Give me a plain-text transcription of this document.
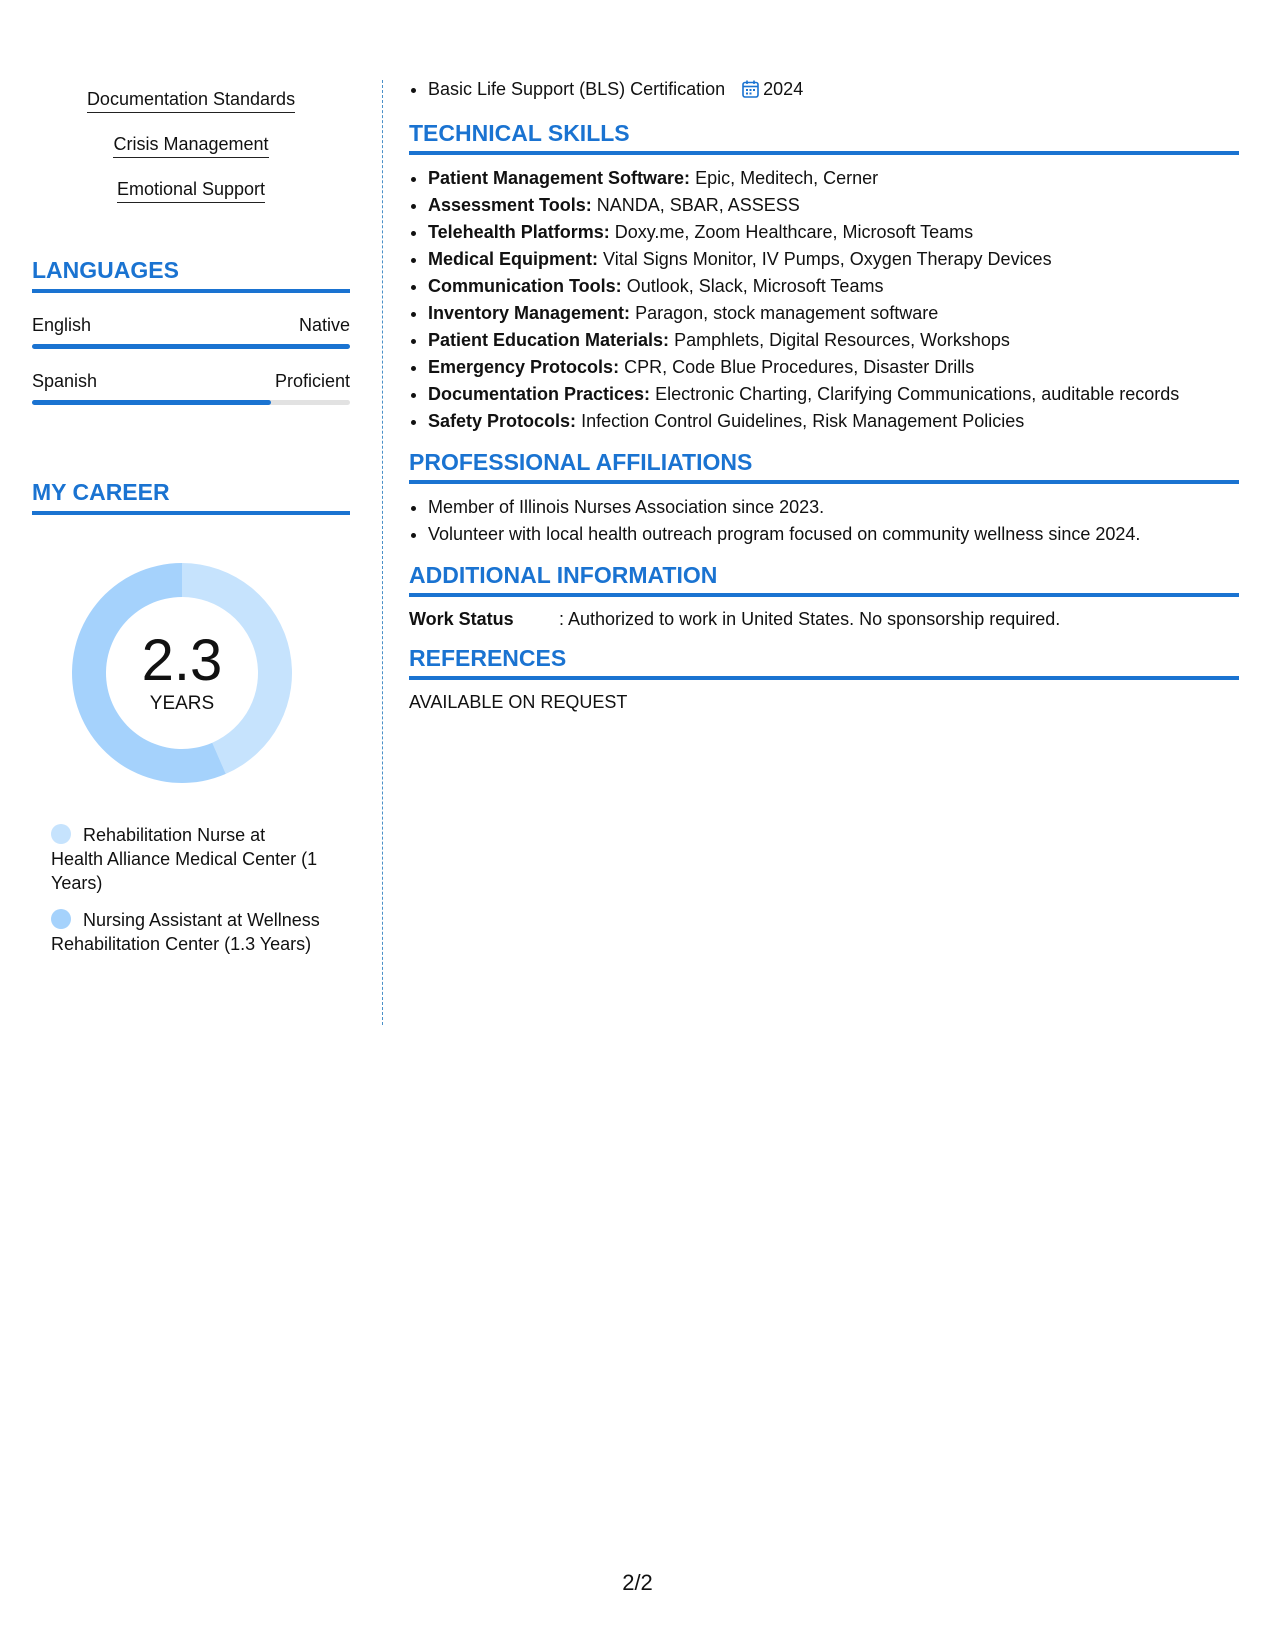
Documentation Standards
Crisis Management
Emotional Support
LANGUAGES
English	Native
Spanish	Proficient
MY CAREER
2.3
YEARS
Rehabilitation Nurse at Health Alliance Medical Center (1 Years)
Nursing Assistant at Wellness Rehabilitation Center (1.3 Years)
• Basic Life Support (BLS) Certification 2024
TECHNICAL SKILLS
• Patient Management Software: Epic, Meditech, Cerner
• Assessment Tools: NANDA, SBAR, ASSESS
• Telehealth Platforms: Doxy.me, Zoom Healthcare, Microsoft Teams
• Medical Equipment: Vital Signs Monitor, IV Pumps, Oxygen Therapy Devices
• Communication Tools: Outlook, Slack, Microsoft Teams
• Inventory Management: Paragon, stock management software
• Patient Education Materials: Pamphlets, Digital Resources, Workshops
• Emergency Protocols: CPR, Code Blue Procedures, Disaster Drills
• Documentation Practices: Electronic Charting, Clarifying Communications, auditable records
• Safety Protocols: Infection Control Guidelines, Risk Management Policies
PROFESSIONAL AFFILIATIONS
• Member of Illinois Nurses Association since 2023.
• Volunteer with local health outreach program focused on community wellness since 2024.
ADDITIONAL INFORMATION
Work Status	: Authorized to work in United States. No sponsorship required.
REFERENCES
AVAILABLE ON REQUEST
2/2
